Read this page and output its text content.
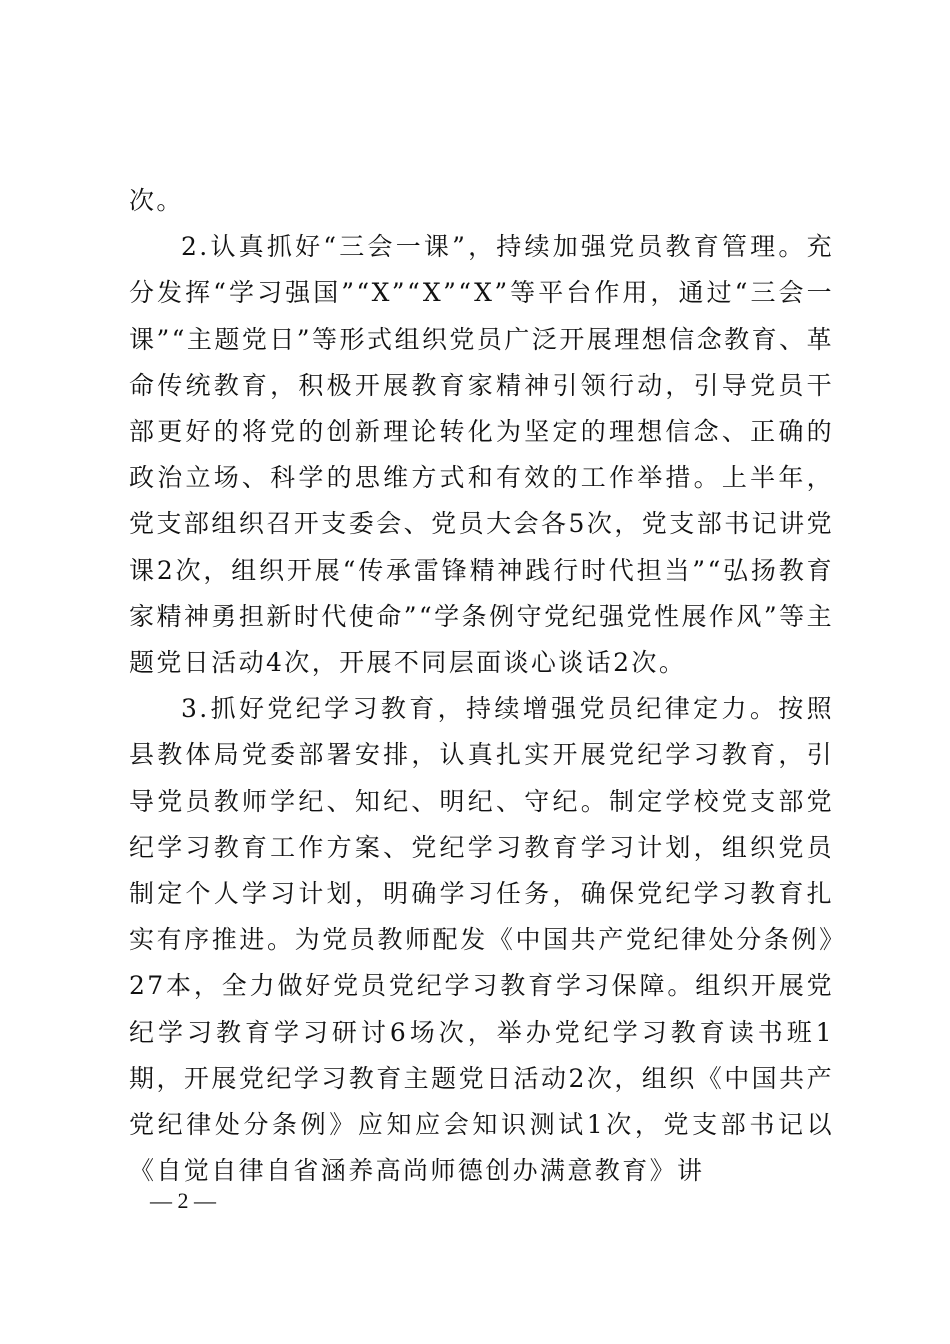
次。

2.认真抓好“三会一课”，持续加强党员教育管理。充分发挥“学习强国”“X”“X”“X”等平台作用，通过“三会一课”“主题党日”等形式组织党员广泛开展理想信念教育、革命传统教育，积极开展教育家精神引领行动，引导党员干部更好的将党的创新理论转化为坚定的理想信念、正确的政治立场、科学的思维方式和有效的工作举措。上半年，党支部组织召开支委会、党员大会各5次，党支部书记讲党课2次，组织开展“传承雷锋精神践行时代担当”“弘扬教育家精神勇担新时代使命”“学条例守党纪强党性展作风”等主题党日活动4次，开展不同层面谈心谈话2次。

3.抓好党纪学习教育，持续增强党员纪律定力。按照县教体局党委部署安排，认真扎实开展党纪学习教育，引导党员教师学纪、知纪、明纪、守纪。制定学校党支部党纪学习教育工作方案、党纪学习教育学习计划，组织党员制定个人学习计划，明确学习任务，确保党纪学习教育扎实有序推进。为党员教师配发《中国共产党纪律处分条例》27本，全力做好党员党纪学习教育学习保障。组织开展党纪学习教育学习研讨6场次，举办党纪学习教育读书班1期，开展党纪学习教育主题党日活动2次，组织《中国共产党纪律处分条例》应知应会知识测试1次，党支部书记以《自觉自律自省涵养高尚师德创办满意教育》讲

— 2 —
